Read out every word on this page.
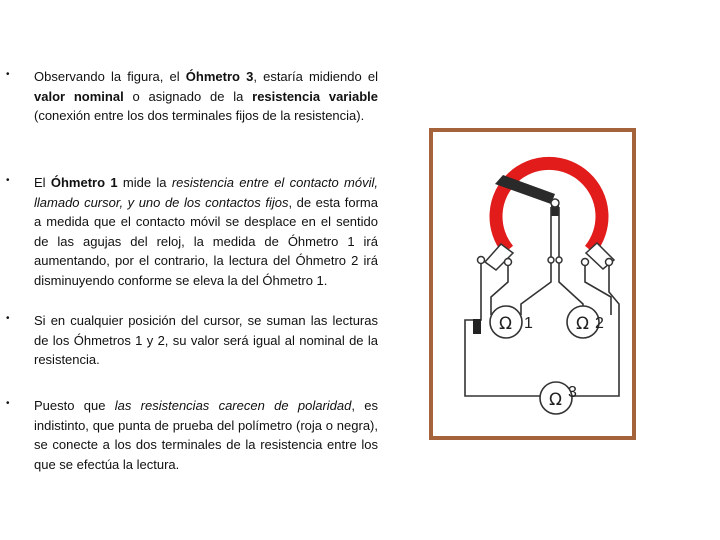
• Observando la figura, el Óhmetro 3, estaría midiendo el valor nominal o asignado de la resistencia variable (conexión entre los dos terminales fijos de la resistencia).

• El Óhmetro 1 mide la resistencia entre el contacto móvil, llamado cursor, y uno de los contactos fijos, de esta forma a medida que el contacto móvil se desplace en el sentido de las agujas del reloj, la medida de Óhmetro 1 irá aumentando, por el contrario, la lectura del Óhmetro 2 irá disminuyendo conforme se eleva la del Óhmetro 1.

• Si en cualquier posición del cursor, se suman las lecturas de los Óhmetros 1 y 2, su valor será igual al nominal de la resistencia.

• Puesto que las resistencias carecen de polaridad, es indistinto, que punta de prueba del polímetro (roja o negra), se conecte a los dos terminales de la resistencia entre los que se efectúa la lectura.

Ω 1	Ω 2
Ω 3
